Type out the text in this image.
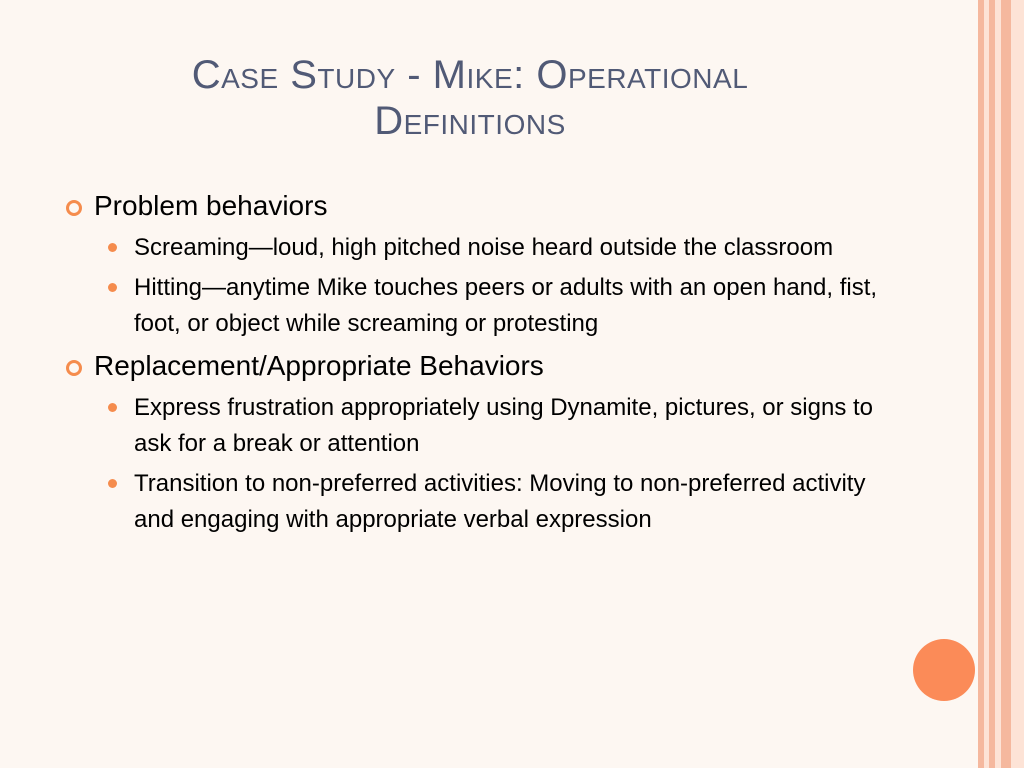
Case Study - Mike: Operational
Definitions
Problem behaviors
Screaming—loud, high pitched noise heard outside the classroom
Hitting—anytime Mike touches peers or adults with an open hand, fist, foot, or object while screaming or protesting
Replacement/Appropriate Behaviors
Express frustration appropriately using Dynamite, pictures, or signs to ask for a break or attention
Transition to non-preferred activities: Moving to non-preferred activity and engaging with appropriate verbal expression
